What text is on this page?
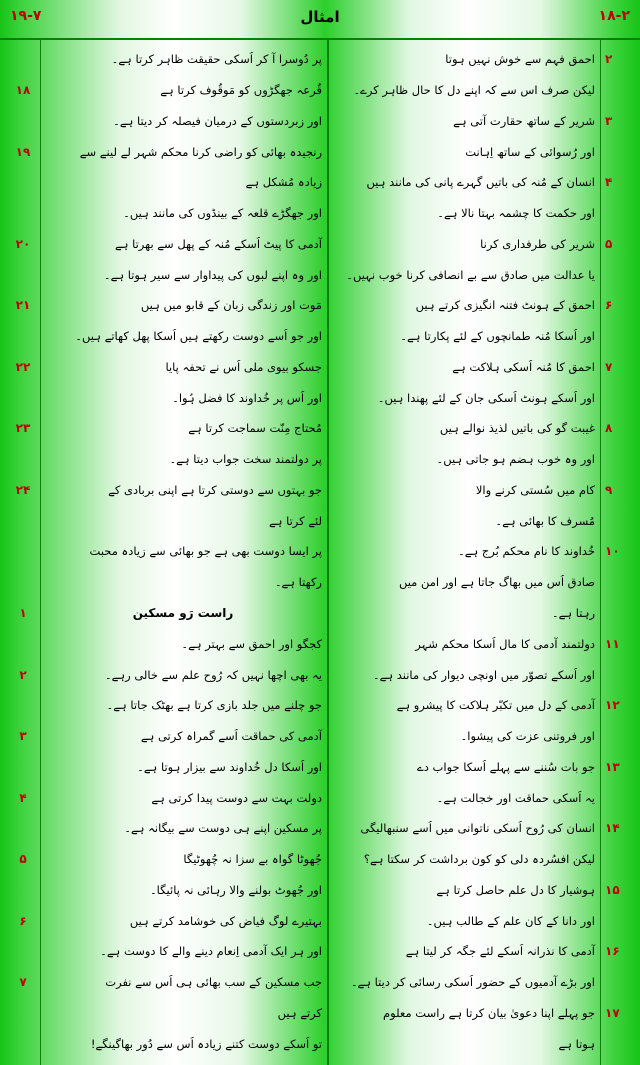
۱۹-۷	امثال	۱۸-۲
احمق فہم سے خوش نہیں ہوتا ۲
لیکن صرف اس سے کہ اپنے دل کا حال ظاہر کرے۔
شریر کے ساتھ حقارت آتی ہے ۳
اور رُسوائی کے ساتھ اِہانت
انسان کے مُنہ کی باتیں گہرے پانی کی مانند ہیں ۴
اور حکمت کا چشمہ بہتا نالا ہے۔
شریر کی طرفداری کرنا ۵
یا عدالت میں صادق سے بے انصافی کرنا خوب نہیں۔
احمق کے ہونٹ فتنہ انگیزی کرتے ہیں ۶
اور اُسکا مُنہ طمانچوں کے لئے پکارتا ہے۔
احمق کا مُنہ اُسکی ہلاکت ہے ۷
اور اُسکے ہونٹ اُسکی جان کے لئے پھندا ہیں۔
غیبت گو کی باتیں لذیذ نوالے ہیں ۸
اور وہ خوب ہضم ہو جاتی ہیں۔
کام میں سُستی کرنے والا ۹
مُسرف کا بھائی ہے۔
خُداوند کا نام محکم بُرج ہے۔ ۱۰
صادق اُس میں بھاگ جاتا ہے اور امن میں
رہتا ہے۔
دولتمند آدمی کا مال اُسکا محکم شہر ۱۱
اور اُسکے تصوّر میں اونچی دیوار کی مانند ہے۔
آدمی کے دل میں تکبّر ہلاکت کا پیشرو ہے ۱۲
اور فروتنی عزت کی پیشوا۔
جو بات سُننے سے پہلے اُسکا جواب دے ۱۳
یہ اُسکی حماقت اور خجالت ہے۔
انسان کی رُوح اُسکی ناتوانی میں اُسے سنبھالیگی ۱۴
لیکن افسُردہ دلی کو کون برداشت کر سکتا ہے؟
ہوشیار کا دل علم حاصل کرتا ہے ۱۵
اور دانا کے کان علم کے طالب ہیں۔
آدمی کا نذرانہ اُسکے لئے جگہ کر لیتا ہے ۱۶
اور بڑے آدمیوں کے حضور اُسکی رسائی کر دیتا ہے۔
جو پہلے اپنا دعویٰ بیان کرتا ہے راست معلوم ۱۷
ہوتا ہے
پر دُوسرا آ کر اُسکی حقیقت ظاہر کرتا ہے۔
قُرعہ جھگڑوں کو مَوقُوف کرتا ہے
۱۸
اور زبردستوں کے درمیان فیصلہ کر دیتا ہے۔
رنجیدہ بھائی کو راضی کرنا محکم شہر لے لینے سے
۱۹
زیادہ مُشکل ہے
اور جھگڑے قلعہ کے بینڈوں کی مانند ہیں۔
آدمی کا پیٹ اُسکے مُنہ کے پھل سے بھرتا ہے
۲۰
اور وہ اپنے لبوں کی پیداوار سے سیر ہوتا ہے۔
مَوت اور زندگی زبان کے قابو میں ہیں
۲۱
اور جو اُسے دوست رکھتے ہیں اُسکا پھل کھاتے ہیں۔
جسکو بیوی ملی اُس نے تحفہ پایا
۲۲
اور اُس پر خُداوند کا فضل ہُوا۔
مُحتاج مِنّت سماجت کرتا ہے
۲۳
پر دولتمند سخت جواب دیتا ہے۔
جو بہتوں سے دوستی کرتا ہے اپنی بربادی کے
۲۴
لئے کرتا ہے
پر ایسا دوست بھی ہے جو بھائی سے زیادہ محبت
رکھتا ہے۔
راست رَو مسکین
۱
کجگو اور احمق سے بہتر ہے۔
یہ بھی اچھا نہیں کہ رُوح علم سے خالی رہے۔
۲
جو چلنے میں جلد بازی کرتا ہے بھٹک جاتا ہے۔
آدمی کی حماقت اُسے گمراہ کرتی ہے
۳
اور اُسکا دل خُداوند سے بیزار ہوتا ہے۔
دولت بہت سے دوست پیدا کرتی ہے
۴
پر مسکین اپنے ہی دوست سے بیگانہ ہے۔
جُھوٹا گواہ بے سزا نہ چُھوٹیگا
۵
اور جُھوٹ بولنے والا رِہائی نہ پائیگا۔
بہتیرے لوگ فیاض کی خوشامد کرتے ہیں
۶
اور ہر ایک آدمی اِنعام دینے والے کا دوست ہے۔
جب مسکین کے سب بھائی ہی اُس سے نفرت
۷
کرتے ہیں
تو اُسکے دوست کتنے زیادہ اُس سے دُور بھاگینگے!
